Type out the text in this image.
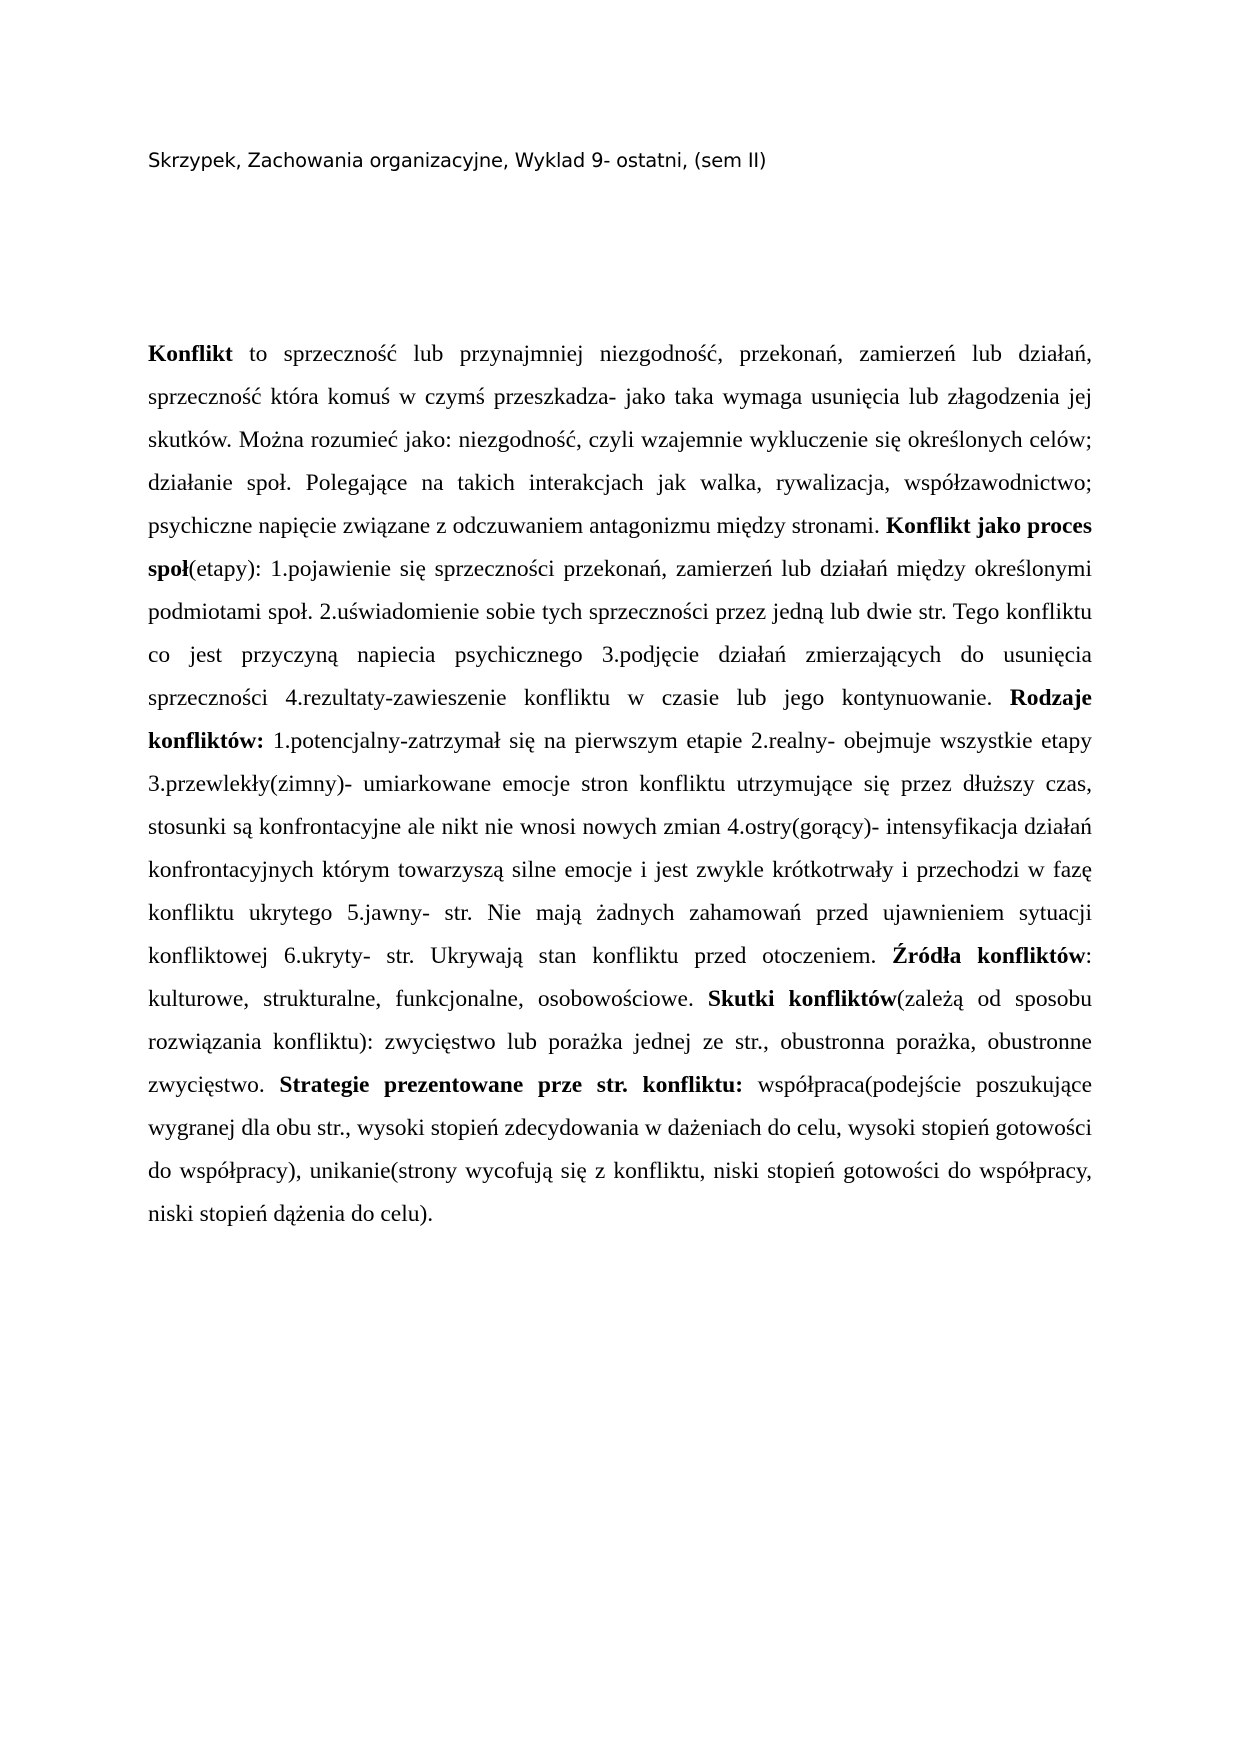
Skrzypek, Zachowania organizacyjne, Wyklad 9- ostatni, (sem II)

Konflikt to sprzeczność lub przynajmniej niezgodność, przekonań, zamierzeń lub działań, sprzeczność która komuś w czymś przeszkadza- jako taka wymaga usunięcia lub złagodzenia jej skutków. Można rozumieć jako: niezgodność, czyli wzajemnie wykluczenie się określonych celów; działanie społ. Polegające na takich interakcjach jak walka, rywalizacja, współzawodnictwo; psychiczne napięcie związane z odczuwaniem antagonizmu między stronami. Konflikt jako proces społ(etapy): 1.pojawienie się sprzeczności przekonań, zamierzeń lub działań między określonymi podmiotami społ. 2.uświadomienie sobie tych sprzeczności przez jedną lub dwie str. Tego konfliktu co jest przyczyną napiecia psychicznego 3.podjęcie działań zmierzających do usunięcia sprzeczności 4.rezultaty-zawieszenie konfliktu w czasie lub jego kontynuowanie. Rodzaje konfliktów: 1.potencjalny-zatrzymał się na pierwszym etapie 2.realny- obejmuje wszystkie etapy 3.przewlekły(zimny)- umiarkowane emocje stron konfliktu utrzymujące się przez dłuższy czas, stosunki są konfrontacyjne ale nikt nie wnosi nowych zmian 4.ostry(gorący)- intensyfikacja działań konfrontacyjnych którym towarzyszą silne emocje i jest zwykle krótkotrwały i przechodzi w fazę konfliktu ukrytego 5.jawny- str. Nie mają żadnych zahamowań przed ujawnieniem sytuacji konfliktowej 6.ukryty- str. Ukrywają stan konfliktu przed otoczeniem. Źródła konfliktów: kulturowe, strukturalne, funkcjonalne, osobowościowe. Skutki konfliktów(zależą od sposobu rozwiązania konfliktu): zwycięstwo lub porażka jednej ze str., obustronna porażka, obustronne zwycięstwo. Strategie prezentowane prze str. konfliktu: współpraca(podejście poszukujące wygranej dla obu str., wysoki stopień zdecydowania w dażeniach do celu, wysoki stopień gotowości do współpracy), unikanie(strony wycofują się z konfliktu, niski stopień gotowości do współpracy, niski stopień dążenia do celu).
